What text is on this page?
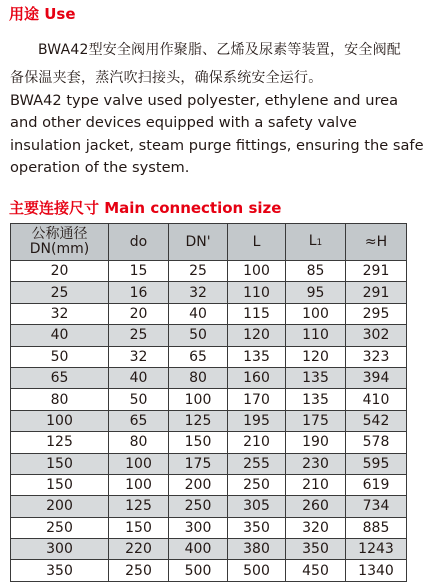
用途 Use
BWA42型安全阀用作聚脂、乙烯及尿素等装置，安全阀配备保温夹套，蒸汽吹扫接头，确保系统安全运行。
BWA42 type valve used polyester, ethylene and urea and other devices equipped with a safety valve insulation jacket, steam purge fittings, ensuring the safe operation of the system.
主要连接尺寸 Main connection size
公称通径
DN(mm)	do	DN'	L	L1	≈H
20	15	25	100	85	291
25	16	32	110	95	291
32	20	40	115	100	295
40	25	50	120	110	302
50	32	65	135	120	323
65	40	80	160	135	394
80	50	100	170	135	410
100	65	125	195	175	542
125	80	150	210	190	578
150	100	175	255	230	595
150	100	200	250	210	619
200	125	250	305	260	734
250	150	300	350	320	885
300	220	400	380	350	1243
350	250	500	500	450	1340
